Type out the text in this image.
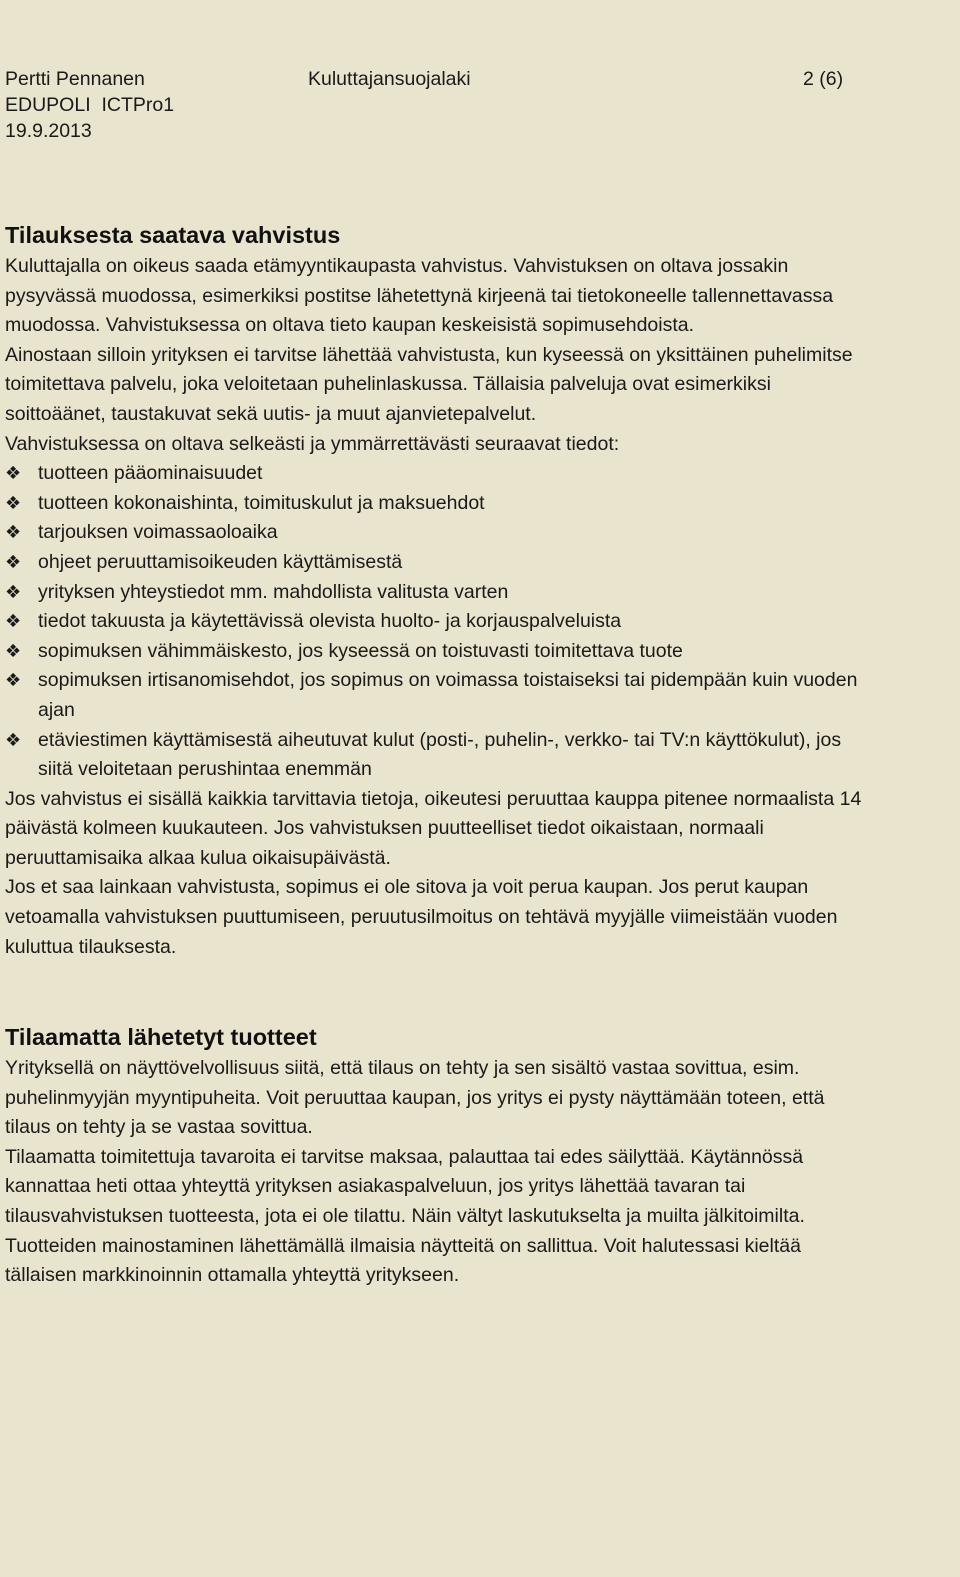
Pertti Pennanen	Kuluttajansuojalaki	2 (6)
EDUPOLI  ICTPro1
19.9.2013
Tilauksesta saatava vahvistus

Kuluttajalla on oikeus saada etämyyntikaupasta vahvistus. Vahvistuksen on oltava jossakin pysyvässä muodossa, esimerkiksi postitse lähetettynä kirjeenä tai tietokoneelle tallennettavassa muodossa. Vahvistuksessa on oltava tieto kaupan keskeisistä sopimusehdoista.

Ainostaan silloin yrityksen ei tarvitse lähettää vahvistusta, kun kyseessä on yksittäinen puhelimitse toimitettava palvelu, joka veloitetaan puhelinlaskussa. Tällaisia palveluja ovat esimerkiksi soittoäänet, taustakuvat sekä uutis- ja muut ajanvietepalvelut.

Vahvistuksessa on oltava selkeästi ja ymmärrettävästi seuraavat tiedot:

❖ tuotteen pääominaisuudet
❖ tuotteen kokonaishinta, toimituskulut ja maksuehdot
❖ tarjouksen voimassaoloaika
❖ ohjeet peruuttamisoikeuden käyttämisestä
❖ yrityksen yhteystiedot mm. mahdollista valitusta varten
❖ tiedot takuusta ja käytettävissä olevista huolto- ja korjauspalveluista
❖ sopimuksen vähimmäiskesto, jos kyseessä on toistuvasti toimitettava tuote
❖ sopimuksen irtisanomisehdot, jos sopimus on voimassa toistaiseksi tai pidempään kuin vuoden ajan
❖ etäviestimen käyttämisestä aiheutuvat kulut (posti-, puhelin-, verkko- tai TV:n käyttökulut), jos siitä veloitetaan perushintaa enemmän

Jos vahvistus ei sisällä kaikkia tarvittavia tietoja, oikeutesi peruuttaa kauppa pitenee normaalista 14 päivästä kolmeen kuukauteen. Jos vahvistuksen puutteelliset tiedot oikaistaan, normaali peruuttamisaika alkaa kulua oikaisupäivästä.

Jos et saa lainkaan vahvistusta, sopimus ei ole sitova ja voit perua kaupan. Jos perut kaupan vetoamalla vahvistuksen puuttumiseen, peruutusilmoitus on tehtävä myyjälle viimeistään vuoden kuluttua tilauksesta.

Tilaamatta lähetetyt tuotteet

Yrityksellä on näyttövelvollisuus siitä, että tilaus on tehty ja sen sisältö vastaa sovittua, esim. puhelinmyyjän myyntipuheita. Voit peruuttaa kaupan, jos yritys ei pysty näyttämään toteen, että tilaus on tehty ja se vastaa sovittua.

Tilaamatta toimitettuja tavaroita ei tarvitse maksaa, palauttaa tai edes säilyttää. Käytännössä kannattaa heti ottaa yhteyttä yrityksen asiakaspalveluun, jos yritys lähettää tavaran tai tilausvahvistuksen tuotteesta, jota ei ole tilattu. Näin vältyt laskutukselta ja muilta jälkitoimilta.

Tuotteiden mainostaminen lähettämällä ilmaisia näytteitä on sallittua. Voit halutessasi kieltää tällaisen markkinoinnin ottamalla yhteyttä yritykseen.
